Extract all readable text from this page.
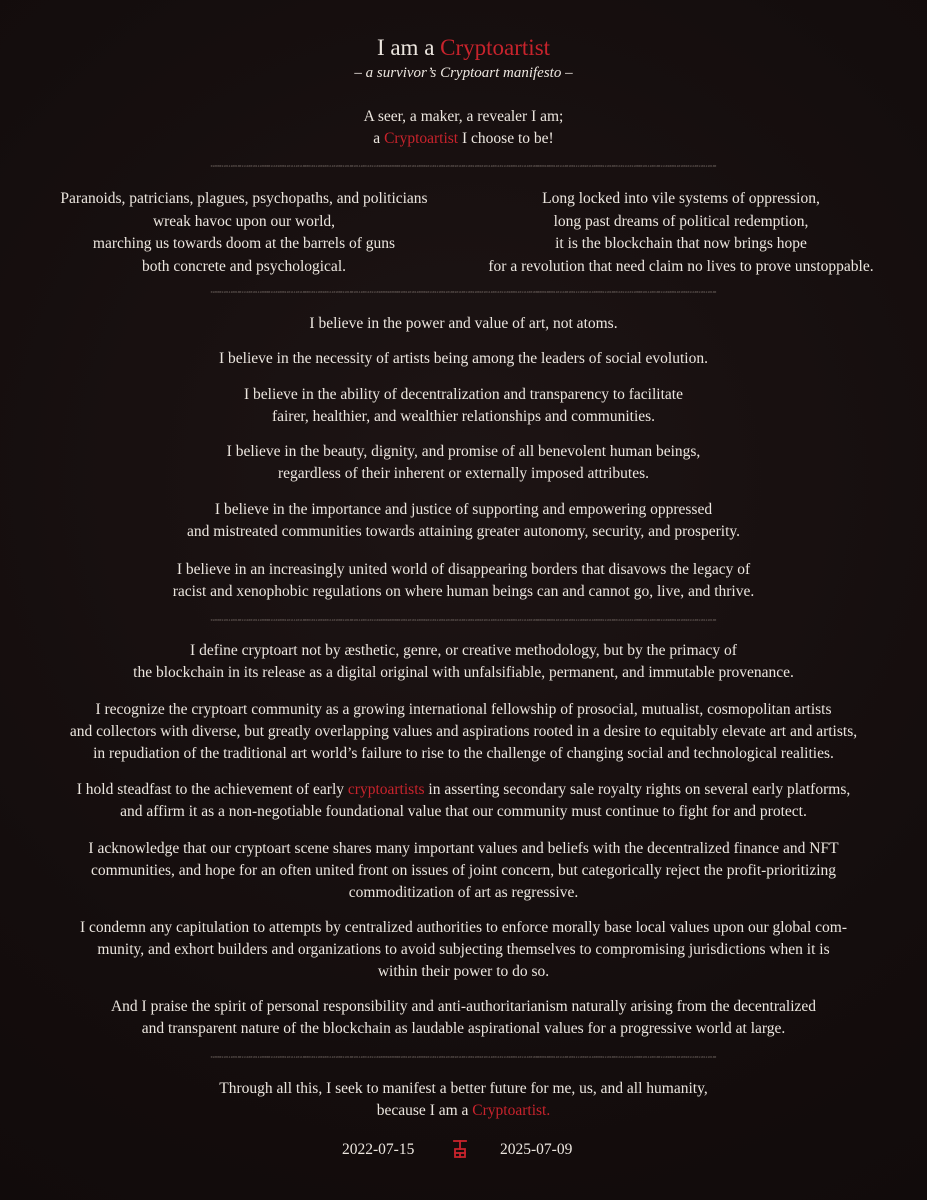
I am a Cryptoartist
– a survivor’s Cryptoart manifesto –

A seer, a maker, a revealer I am;

a Cryptoartist I choose to be!

0100001101110010011110010111000001110100011011110110000101110010011101000110100101110011011101000010000001001101011000010110111001101001011001100110010101110011011101000110111100100000010000110111001001111001011100000111010001101111011000010111001001110100011010010111001101110100

Paranoids, patricians, plagues, psychopaths, and politicians

wreak havoc upon our world,

marching us towards doom at the barrels of guns

both concrete and psychological.

Long locked into vile systems of oppression,

long past dreams of political redemption,

it is the blockchain that now brings hope

for a revolution that need claim no lives to prove unstoppable.

0100001101110010011110010111000001110100011011110110000101110010011101000110100101110011011101000010000001001101011000010110111001101001011001100110010101110011011101000110111100100000010000110111001001111001011100000111010001101111011000010111001001110100011010010111001101110100

I believe in the power and value of art, not atoms.

I believe in the necessity of artists being among the leaders of social evolution.

I believe in the ability of decentralization and transparency to facilitate

fairer, healthier, and wealthier relationships and communities.

I believe in the beauty, dignity, and promise of all benevolent human beings,

regardless of their inherent or externally imposed attributes.

I believe in the importance and justice of supporting and empowering oppressed

and mistreated communities towards attaining greater autonomy, security, and prosperity.

I believe in an increasingly united world of disappearing borders that disavows the legacy of

racist and xenophobic regulations on where human beings can and cannot go, live, and thrive.

0100001101110010011110010111000001110100011011110110000101110010011101000110100101110011011101000010000001001101011000010110111001101001011001100110010101110011011101000110111100100000010000110111001001111001011100000111010001101111011000010111001001110100011010010111001101110100

I define cryptoart not by æsthetic, genre, or creative methodology, but by the primacy of

the blockchain in its release as a digital original with unfalsifiable, permanent, and immutable provenance.

I recognize the cryptoart community as a growing international fellowship of prosocial, mutualist, cosmopolitan artists

and collectors with diverse, but greatly overlapping values and aspirations rooted in a desire to equitably elevate art and artists,

in repudiation of the traditional art world’s failure to rise to the challenge of changing social and technological realities.

I hold steadfast to the achievement of early cryptoartists in asserting secondary sale royalty rights on several early platforms,

and affirm it as a non-negotiable foundational value that our community must continue to fight for and protect.

I acknowledge that our cryptoart scene shares many important values and beliefs with the decentralized finance and NFT

communities, and hope for an often united front on issues of joint concern, but categorically reject the profit-prioritizing

commoditization of art as regressive.

I condemn any capitulation to attempts by centralized authorities to enforce morally base local values upon our global com-

munity, and exhort builders and organizations to avoid subjecting themselves to compromising jurisdictions when it is

within their power to do so.

And I praise the spirit of personal responsibility and anti-authoritarianism naturally arising from the decentralized

and transparent nature of the blockchain as laudable aspirational values for a progressive world at large.

0100001101110010011110010111000001110100011011110110000101110010011101000110100101110011011101000010000001001101011000010110111001101001011001100110010101110011011101000110111100100000010000110111001001111001011100000111010001101111011000010111001001110100011010010111001101110100

Through all this, I seek to manifest a better future for me, us, and all humanity,

because I am a Cryptoartist.

2022-07-15	2025-07-09
